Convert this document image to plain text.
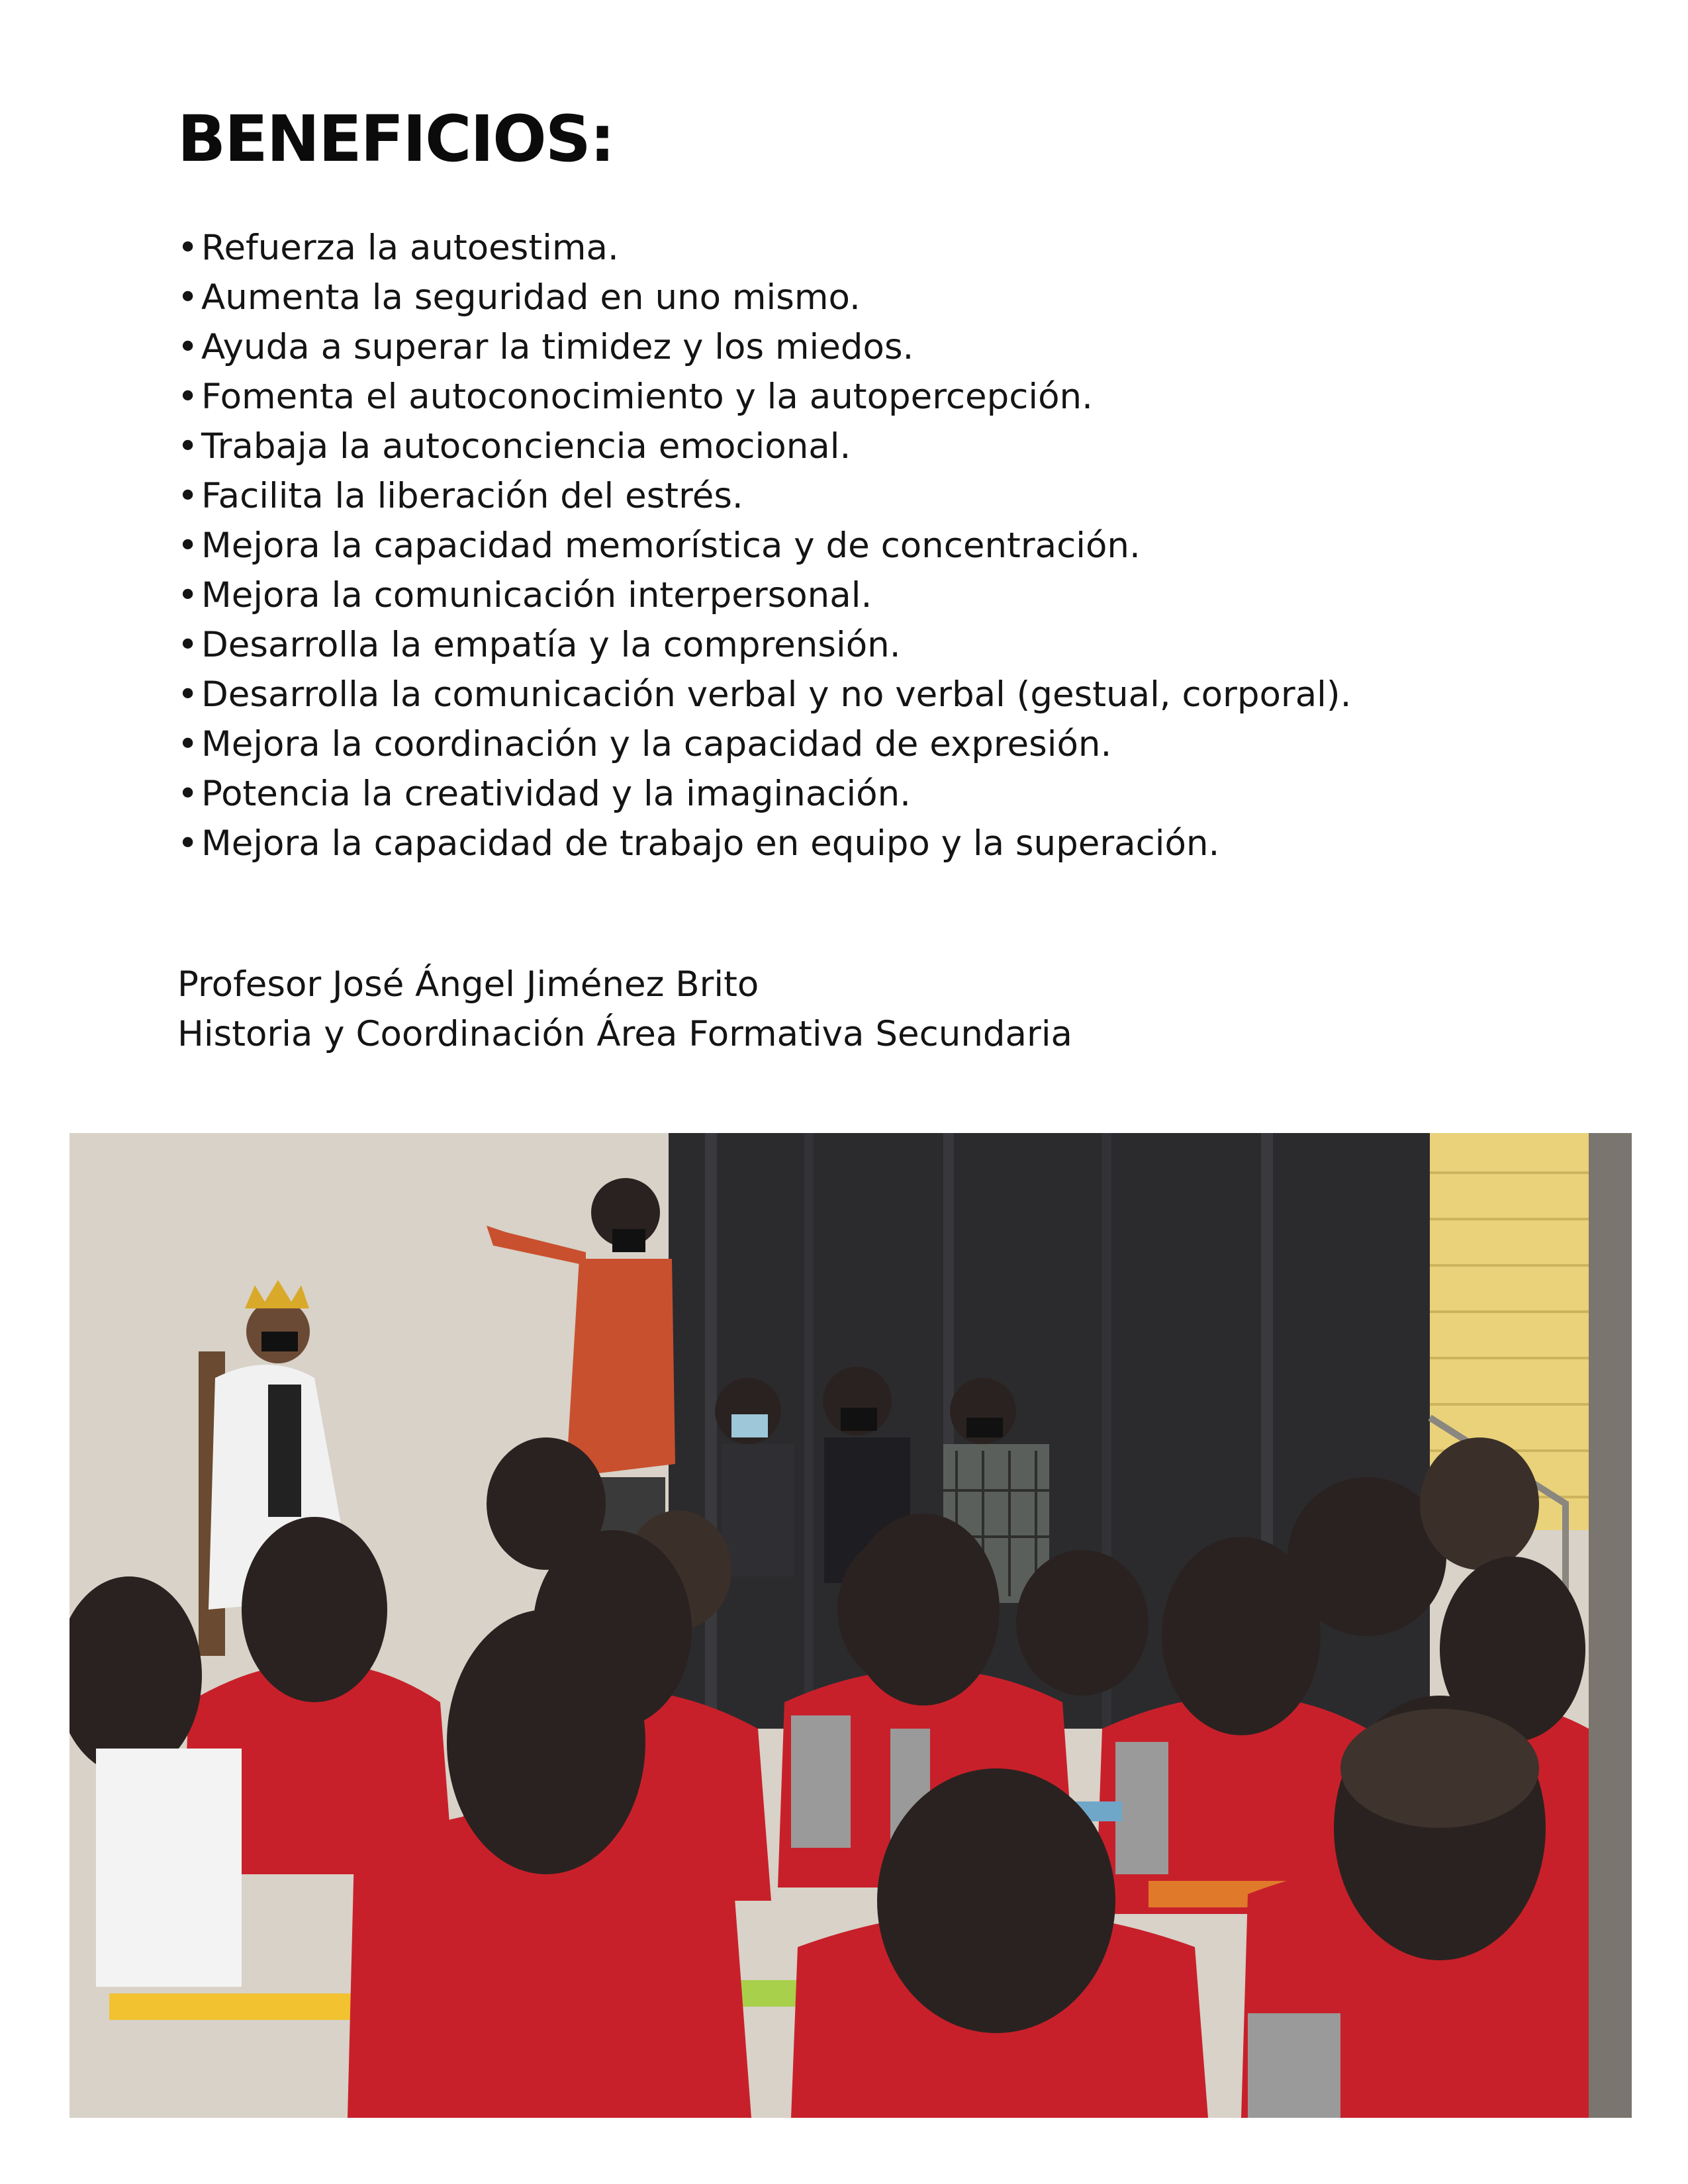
BENEFICIOS:
•Refuerza la autoestima.
•Aumenta la seguridad en uno mismo.
•Ayuda a superar la timidez y los miedos.
•Fomenta el autoconocimiento y la autopercepción.
•Trabaja la autoconciencia emocional.
•Facilita la liberación del estrés.
•Mejora la capacidad memorística y de concentración.
•Mejora la comunicación interpersonal.
•Desarrolla la empatía y la comprensión.
•Desarrolla la comunicación verbal y no verbal (gestual, corporal).
•Mejora la coordinación y la capacidad de expresión.
•Potencia la creatividad y la imaginación.
•Mejora la capacidad de trabajo en equipo y la superación.
Profesor José Ángel Jiménez Brito
Historia y Coordinación Área Formativa Secundaria
